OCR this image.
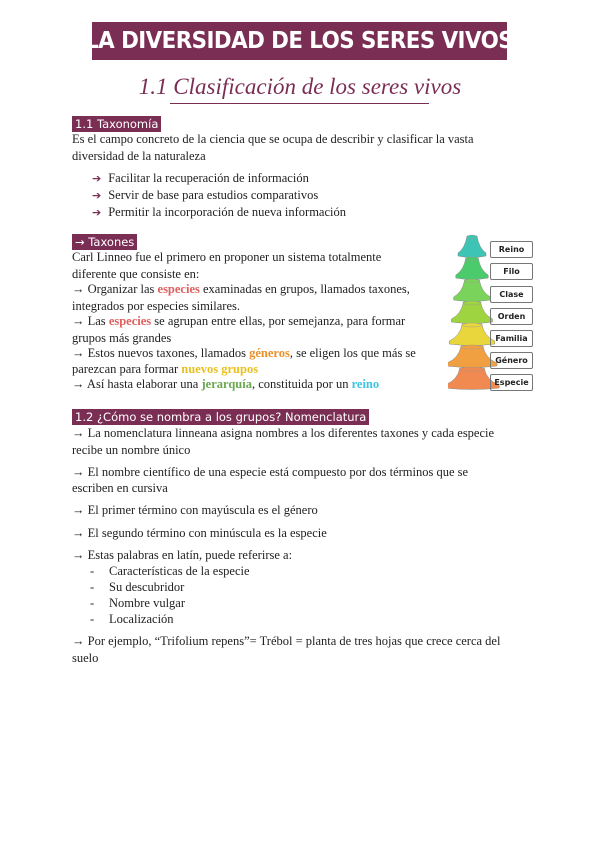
LA DIVERSIDAD DE LOS SERES VIVOS
1.1 Clasificación de los seres vivos
1.1 Taxonomía
Es el campo concreto de la ciencia que se ocupa de describir y clasificar la vasta
diversidad de la naturaleza
➔ Facilitar la recuperación de información
➔ Servir de base para estudios comparativos
➔ Permitir la incorporación de nueva información
→ Taxones
Carl Linneo fue el primero en proponer un sistema totalmente
diferente que consiste en:
→ Organizar las especies examinadas en grupos, llamados taxones,
integrados por especies similares.
→ Las especies se agrupan entre ellas, por semejanza, para formar
grupos más grandes
→ Estos nuevos taxones, llamados géneros, se eligen los que más se
parezcan para formar nuevos grupos
→ Así hasta elaborar una jerarquía, constituida por un reino
Reino
Filo
Clase
Orden
Familia
Género
Especie
1.2 ¿Cómo se nombra a los grupos? Nomenclatura
→ La nomenclatura linneana asigna nombres a los diferentes taxones y cada especie
recibe un nombre único
→ El nombre científico de una especie está compuesto por dos términos que se
escriben en cursiva
→ El primer término con mayúscula es el género
→ El segundo término con minúscula es la especie
→ Estas palabras en latín, puede referirse a:
- Características de la especie
- Su descubridor
- Nombre vulgar
- Localización
→ Por ejemplo, “Trifolium repens”= Trébol = planta de tres hojas que crece cerca del
suelo
